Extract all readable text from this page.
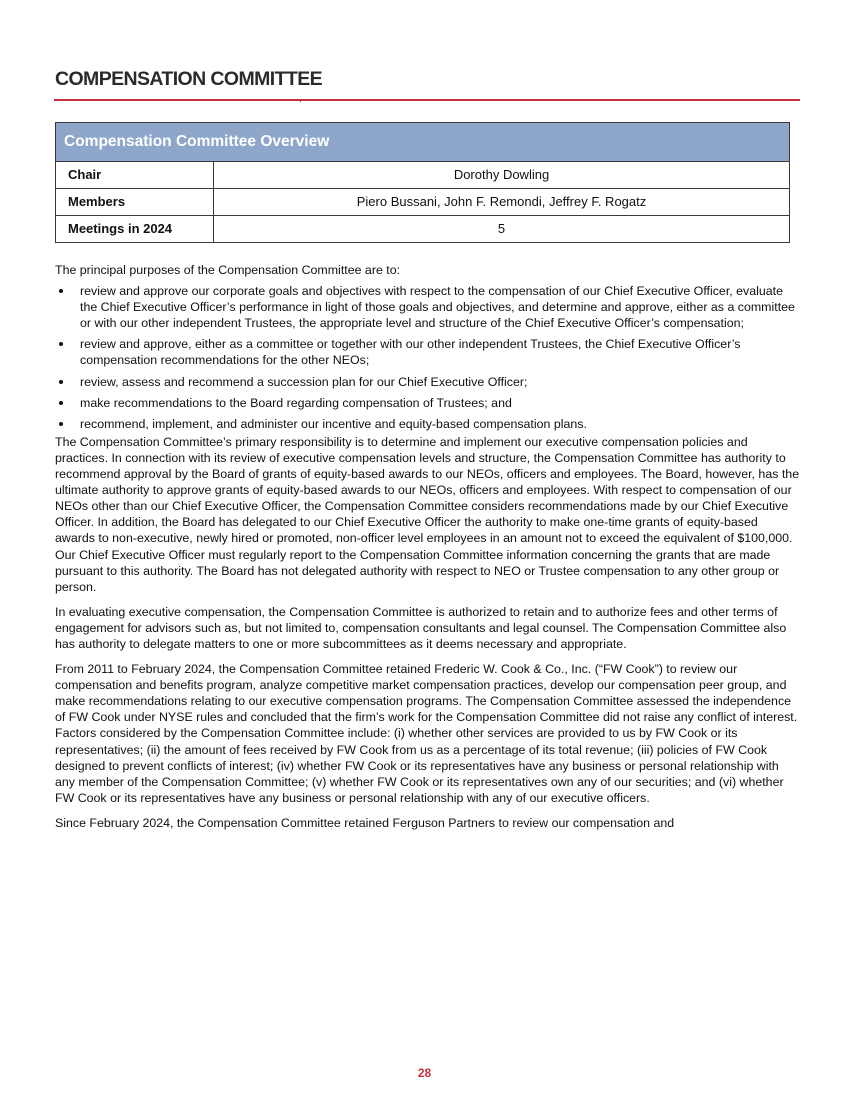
COMPENSATION COMMITTEE
Compensation Committee Overview
Chair	Dorothy Dowling
Members	Piero Bussani, John F. Remondi, Jeffrey F. Rogatz
Meetings in 2024	5

The principal purposes of the Compensation Committee are to:

review and approve our corporate goals and objectives with respect to the compensation of our Chief Executive Officer, evaluate the Chief Executive Officer’s performance in light of those goals and objectives, and determine and approve, either as a committee or with our other independent Trustees, the appropriate level and structure of the Chief Executive Officer’s compensation;
review and approve, either as a committee or together with our other independent Trustees, the Chief Executive Officer’s compensation recommendations for the other NEOs;
review, assess and recommend a succession plan for our Chief Executive Officer;
make recommendations to the Board regarding compensation of Trustees; and
recommend, implement, and administer our incentive and equity-based compensation plans.

The Compensation Committee’s primary responsibility is to determine and implement our executive compensation policies and practices. In connection with its review of executive compensation levels and structure, the Compensation Committee has authority to recommend approval by the Board of grants of equity-based awards to our NEOs, officers and employees. The Board, however, has the ultimate authority to approve grants of equity-based awards to our NEOs, officers and employees. With respect to compensation of our NEOs other than our Chief Executive Officer, the Compensation Committee considers recommendations made by our Chief Executive Officer. In addition, the Board has delegated to our Chief Executive Officer the authority to make one-time grants of equity-based awards to non-executive, newly hired or promoted, non-officer level employees in an amount not to exceed the equivalent of $100,000. Our Chief Executive Officer must regularly report to the Compensation Committee information concerning the grants that are made pursuant to this authority. The Board has not delegated authority with respect to NEO or Trustee compensation to any other group or person.

In evaluating executive compensation, the Compensation Committee is authorized to retain and to authorize fees and other terms of engagement for advisors such as, but not limited to, compensation consultants and legal counsel. The Compensation Committee also has authority to delegate matters to one or more subcommittees as it deems necessary and appropriate.

From 2011 to February 2024, the Compensation Committee retained Frederic W. Cook & Co., Inc. (“FW Cook”) to review our compensation and benefits program, analyze competitive market compensation practices, develop our compensation peer group, and make recommendations relating to our executive compensation programs. The Compensation Committee assessed the independence of FW Cook under NYSE rules and concluded that the firm’s work for the Compensation Committee did not raise any conflict of interest. Factors considered by the Compensation Committee include: (i) whether other services are provided to us by FW Cook or its representatives; (ii) the amount of fees received by FW Cook from us as a percentage of its total revenue; (iii) policies of FW Cook designed to prevent conflicts of interest; (iv) whether FW Cook or its representatives have any business or personal relationship with any member of the Compensation Committee; (v) whether FW Cook or its representatives own any of our securities; and (vi) whether FW Cook or its representatives have any business or personal relationship with any of our executive officers.

Since February 2024, the Compensation Committee retained Ferguson Partners to review our compensation and

28
